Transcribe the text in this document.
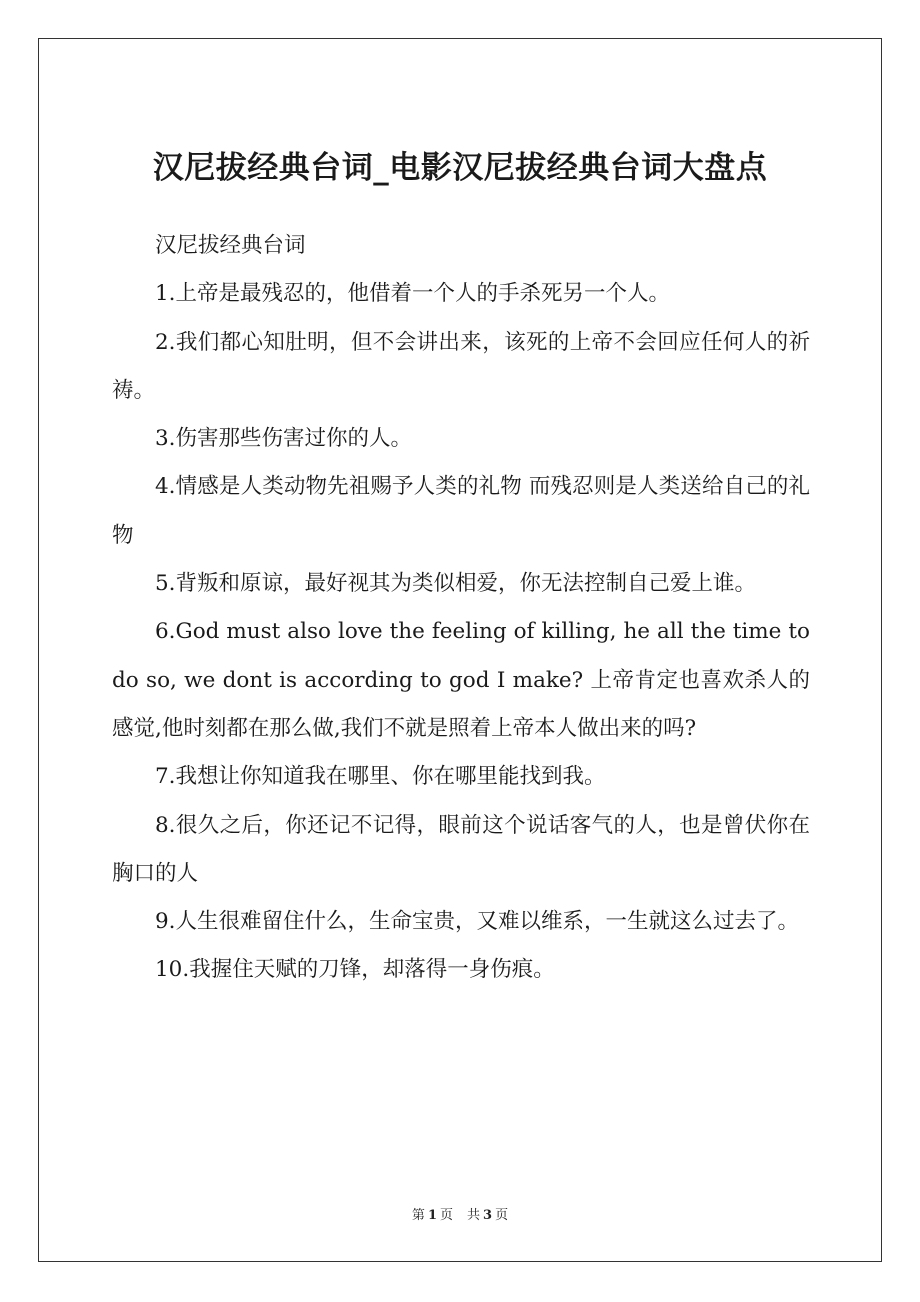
汉尼拔经典台词_电影汉尼拔经典台词大盘点

汉尼拔经典台词

1.上帝是最残忍的，他借着一个人的手杀死另一个人。

2.我们都心知肚明，但不会讲出来，该死的上帝不会回应任何人的祈祷。

3.伤害那些伤害过你的人。

4.情感是人类动物先祖赐予人类的礼物 而残忍则是人类送给自己的礼物

5.背叛和原谅，最好视其为类似相爱，你无法控制自己爱上谁。

6.God must also love the feeling of killing, he all the time to do so, we dont is according to god I make? 上帝肯定也喜欢杀人的感觉,他时刻都在那么做,我们不就是照着上帝本人做出来的吗?

7.我想让你知道我在哪里、你在哪里能找到我。

8.很久之后，你还记不记得，眼前这个说话客气的人，也是曾伏你在胸口的人

9.人生很难留住什么，生命宝贵，又难以维系，一生就这么过去了。

10.我握住天赋的刀锋，却落得一身伤痕。

第 1 页 共 3 页
